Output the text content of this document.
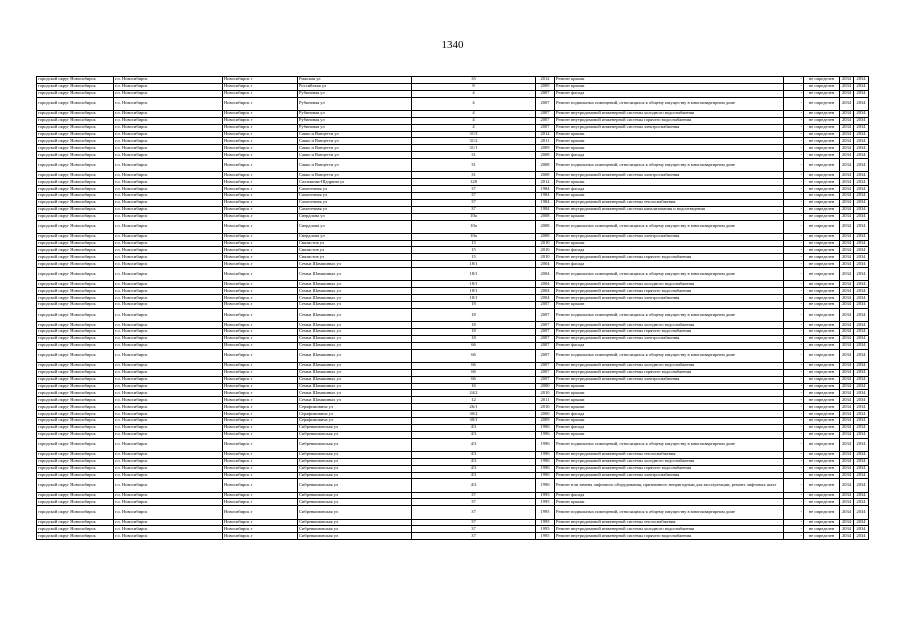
1340
городской округ Новосибирск	г.о. Новосибирск	Новосибирск г	Рижская ул	35	2012	Ремонт крыши	-	не определен	2034	2034
городской округ Новосибирск	г.о. Новосибирск	Новосибирск г	Российская ул	8	2009	Ремонт крыши	-	не определен	2034	2034
городской округ Новосибирск	г.о. Новосибирск	Новосибирск г	Рубиновая ул	4	2007	Ремонт фасада	-	не определен	2034	2034
городской округ Новосибирск	г.о. Новосибирск	Новосибирск г	Рубиновая ул	4	2007	Ремонт подвальных помещений, относящихся к общему имуществу в многоквартирном доме	-	не определен	2034	2034
городской округ Новосибирск	г.о. Новосибирск	Новосибирск г	Рубиновая ул	4	2007	Ремонт внутридомовой инженерной системы холодного водоснабжения	-	не определен	2034	2034
городской округ Новосибирск	г.о. Новосибирск	Новосибирск г	Рубиновая ул	4	2007	Ремонт внутридомовой инженерной системы горячего водоснабжения	-	не определен	2034	2034
городской округ Новосибирск	г.о. Новосибирск	Новосибирск г	Рубиновая ул	4	2007	Ремонт внутридомовой инженерной системы электроснабжения	-	не определен	2034	2034
городской округ Новосибирск	г.о. Новосибирск	Новосибирск г	Сакко и Ванцетти ул	31/3	2012	Ремонт крыши	-	не определен	2034	2034
городской округ Новосибирск	г.о. Новосибирск	Новосибирск г	Сакко и Ванцетти ул	31/2	2011	Ремонт крыши	-	не определен	2034	2034
городской округ Новосибирск	г.о. Новосибирск	Новосибирск г	Сакко и Ванцетти ул	31/1	2009	Ремонт крыши	-	не определен	2034	2034
городской округ Новосибирск	г.о. Новосибирск	Новосибирск г	Сакко и Ванцетти ул	31	2008	Ремонт фасада	-	не определен	2034	2034
городской округ Новосибирск	г.о. Новосибирск	Новосибирск г	Сакко и Ванцетти ул	31	2008	Ремонт подвальных помещений, относящихся к общему имуществу в многоквартирном доме	-	не определен	2034	2034
городской округ Новосибирск	г.о. Новосибирск	Новосибирск г	Сакко и Ванцетти ул	31	2008	Ремонт внутридомовой инженерной системы электроснабжения	-	не определен	2034	2034
городской округ Новосибирск	г.о. Новосибирск	Новосибирск г	Салтыкова-Щедрина ул	128	2012	Ремонт крыши	-	не определен	2034	2034
городской округ Новосибирск	г.о. Новосибирск	Новосибирск г	Самотечная ул	37	1984	Ремонт фасада	-	не определен	2034	2034
городской округ Новосибирск	г.о. Новосибирск	Новосибирск г	Самотечная ул	37	1984	Ремонт крыши	-	не определен	2034	2034
городской округ Новосибирск	г.о. Новосибирск	Новосибирск г	Самотечная ул	37	1984	Ремонт внутридомовой инженерной системы теплоснабжения	-	не определен	2034	2034
городской округ Новосибирск	г.о. Новосибирск	Новосибирск г	Самотечная ул	37	1984	Ремонт внутридомовой инженерной системы канализования и водоотведения	-	не определен	2034	2034
городской округ Новосибирск	г.о. Новосибирск	Новосибирск г	Свердлова ул	10а	2008	Ремонт крыши	-	не определен	2034	2034
городской округ Новосибирск	г.о. Новосибирск	Новосибирск г	Свердлова ул	10а	2008	Ремонт подвальных помещений, относящихся к общему имуществу в многоквартирном доме	-	не определен	2034	2034
городской округ Новосибирск	г.о. Новосибирск	Новосибирск г	Свердлова ул	10а	2008	Ремонт внутридомовой инженерной системы электроснабжения	-	не определен	2034	2034
городской округ Новосибирск	г.о. Новосибирск	Новосибирск г	Связистов ул	15	2010	Ремонт крыши	-	не определен	2034	2034
городской округ Новосибирск	г.о. Новосибирск	Новосибирск г	Связистов ул	15	2010	Ремонт фасада	-	не определен	2034	2034
городской округ Новосибирск	г.о. Новосибирск	Новосибирск г	Связистов ул	15	2010	Ремонт внутридомовой инженерной системы горячего водоснабжения	-	не определен	2034	2034
городской округ Новосибирск	г.о. Новосибирск	Новосибирск г	Семьи Шамшиных ул	18/1	2004	Ремонт фасада	-	не определен	2034	2034
городской округ Новосибирск	г.о. Новосибирск	Новосибирск г	Семьи Шамшиных ул	18/1	2004	Ремонт подвальных помещений, относящихся к общему имуществу в многоквартирном доме	-	не определен	2034	2034
городской округ Новосибирск	г.о. Новосибирск	Новосибирск г	Семьи Шамшиных ул	18/1	2004	Ремонт внутридомовой инженерной системы холодного водоснабжения	-	не определен	2034	2034
городской округ Новосибирск	г.о. Новосибирск	Новосибирск г	Семьи Шамшиных ул	18/1	2004	Ремонт внутридомовой инженерной системы горячего водоснабжения	-	не определен	2034	2034
городской округ Новосибирск	г.о. Новосибирск	Новосибирск г	Семьи Шамшиных ул	18/1	2004	Ремонт внутридомовой инженерной системы электроснабжения	-	не определен	2034	2034
городской округ Новосибирск	г.о. Новосибирск	Новосибирск г	Семьи Шамшиных ул	18	2007	Ремонт крыши	-	не определен	2034	2034
городской округ Новосибирск	г.о. Новосибирск	Новосибирск г	Семьи Шамшиных ул	18	2007	Ремонт подвальных помещений, относящихся к общему имуществу в многоквартирном доме	-	не определен	2034	2034
городской округ Новосибирск	г.о. Новосибирск	Новосибирск г	Семьи Шамшиных ул	18	2007	Ремонт внутридомовой инженерной системы холодного водоснабжения	-	не определен	2034	2034
городской округ Новосибирск	г.о. Новосибирск	Новосибирск г	Семьи Шамшиных ул	18	2007	Ремонт внутридомовой инженерной системы горячего водоснабжения	-	не определен	2034	2034
городской округ Новосибирск	г.о. Новосибирск	Новосибирск г	Семьи Шамшиных ул	18	2007	Ремонт внутридомовой инженерной системы электроснабжения	-	не определен	2034	2034
городской округ Новосибирск	г.о. Новосибирск	Новосибирск г	Семьи Шамшиных ул	66	2007	Ремонт фасада	-	не определен	2034	2034
городской округ Новосибирск	г.о. Новосибирск	Новосибирск г	Семьи Шамшиных ул	66	2007	Ремонт подвальных помещений, относящихся к общему имуществу в многоквартирном доме	-	не определен	2034	2034
городской округ Новосибирск	г.о. Новосибирск	Новосибирск г	Семьи Шамшиных ул	66	2007	Ремонт внутридомовой инженерной системы холодного водоснабжения	-	не определен	2034	2034
городской округ Новосибирск	г.о. Новосибирск	Новосибирск г	Семьи Шамшиных ул	66	2007	Ремонт внутридомовой инженерной системы горячего водоснабжения	-	не определен	2034	2034
городской округ Новосибирск	г.о. Новосибирск	Новосибирск г	Семьи Шамшиных ул	66	2007	Ремонт внутридомовой инженерной системы электроснабжения	-	не определен	2034	2034
городской округ Новосибирск	г.о. Новосибирск	Новосибирск г	Семьи Шамшиных ул	16	2000	Ремонт крыши	-	не определен	2034	2034
городской округ Новосибирск	г.о. Новосибирск	Новосибирск г	Семьи Шамшиных ул	24/2	2010	Ремонт крыши	-	не определен	2034	2034
городской округ Новосибирск	г.о. Новосибирск	Новосибирск г	Семьи Шамшиных ул	12	2011	Ремонт крыши	-	не определен	2034	2034
городской округ Новосибирск	г.о. Новосибирск	Новосибирск г	Серафимовича ул	26/1	2010	Ремонт крыши	-	не определен	2034	2034
городской округ Новосибирск	г.о. Новосибирск	Новосибирск г	Серафимовича ул	30/2	2000	Ремонт фасада	-	не определен	2034	2034
городской округ Новосибирск	г.о. Новосибирск	Новосибирск г	Серафимовича ул	30/1	2009	Ремонт крыши	-	не определен	2034	2034
городской округ Новосибирск	г.о. Новосибирск	Новосибирск г	Сибревкомовская ул	4/3	1996	Ремонт фасада	-	не определен	2034	2034
городской округ Новосибирск	г.о. Новосибирск	Новосибирск г	Сибревкомовская ул	4/3	1996	Ремонт крыши	-	не определен	2034	2034
городской округ Новосибирск	г.о. Новосибирск	Новосибирск г	Сибревкомовская ул	4/3	1996	Ремонт подвальных помещений, относящихся к общему имуществу в многоквартирном доме	-	не определен	2034	2034
городской округ Новосибирск	г.о. Новосибирск	Новосибирск г	Сибревкомовская ул	4/3	1996	Ремонт внутридомовой инженерной системы теплоснабжения	-	не определен	2034	2034
городской округ Новосибирск	г.о. Новосибирск	Новосибирск г	Сибревкомовская ул	4/3	1996	Ремонт внутридомовой инженерной системы холодного водоснабжения	-	не определен	2034	2034
городской округ Новосибирск	г.о. Новосибирск	Новосибирск г	Сибревкомовская ул	4/3	1996	Ремонт внутридомовой инженерной системы горячего водоснабжения	-	не определен	2034	2034
городской округ Новосибирск	г.о. Новосибирск	Новосибирск г	Сибревкомовская ул	4/3	1996	Ремонт внутридомовой инженерной системы электроснабжения	-	не определен	2034	2034
городской округ Новосибирск	г.о. Новосибирск	Новосибирск г	Сибревкомовская ул	4/3	1996	Ремонт или замена лифтового оборудования, признанного непригодным для эксплуатации, ремонт лифтовых шахт	-	не определен	2034	2034
городской округ Новосибирск	г.о. Новосибирск	Новосибирск г	Сибревкомовская ул	37	1995	Ремонт фасада	-	не определен	2034	2034
городской округ Новосибирск	г.о. Новосибирск	Новосибирск г	Сибревкомовская ул	37	1995	Ремонт крыши	-	не определен	2034	2034
городской округ Новосибирск	г.о. Новосибирск	Новосибирск г	Сибревкомовская ул	37	1995	Ремонт подвальных помещений, относящихся к общему имуществу в многоквартирном доме	-	не определен	2034	2034
городской округ Новосибирск	г.о. Новосибирск	Новосибирск г	Сибревкомовская ул	37	1995	Ремонт внутридомовой инженерной системы теплоснабжения	-	не определен	2034	2034
городской округ Новосибирск	г.о. Новосибирск	Новосибирск г	Сибревкомовская ул	37	1995	Ремонт внутридомовой инженерной системы холодного водоснабжения	-	не определен	2034	2034
городской округ Новосибирск	г.о. Новосибирск	Новосибирск г	Сибревкомовская ул	37	1995	Ремонт внутридомовой инженерной системы горячего водоснабжения	-	не определен	2034	2034
